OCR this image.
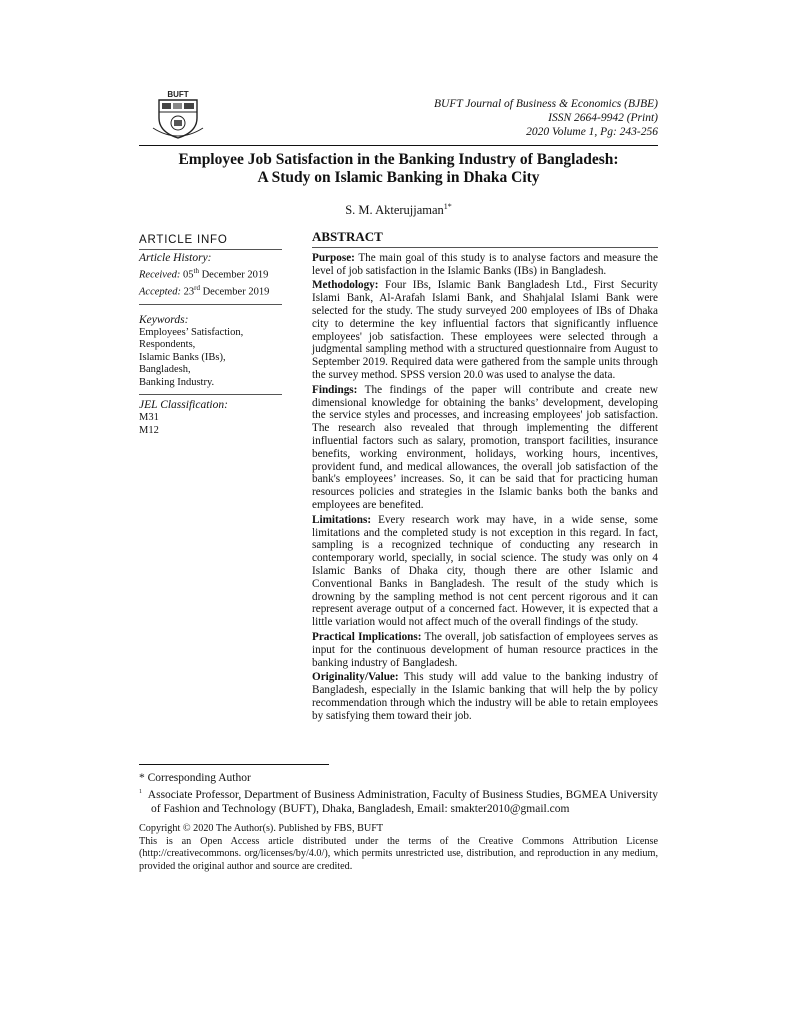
BUFT
BUFT Journal of Business & Economics (BJBE)
ISSN 2664-9942 (Print)
2020 Volume 1, Pg: 243-256
Employee Job Satisfaction in the Banking Industry of Bangladesh:
A Study on Islamic Banking in Dhaka City
S. M. Akterujjaman$^{1*}$
ARTICLE INFO
Article History:
Received: 05th December 2019
Accepted: 23rd December 2019
Keywords:
Employees’ Satisfaction,
Respondents,
Islamic Banks (IBs),
Bangladesh,
Banking Industry.
JEL Classification:
M31
M12
ABSTRACT

Purpose: The main goal of this study is to analyse factors and measure the level of job satisfaction in the Islamic Banks (IBs) in Bangladesh.

Methodology: Four IBs, Islamic Bank Bangladesh Ltd., First Security Islami Bank, Al-Arafah Islami Bank, and Shahjalal Islami Bank were selected for the study. The study surveyed 200 employees of IBs of Dhaka city to determine the key influential factors that significantly influence employees' job satisfaction. These employees were selected through a judgmental sampling method with a structured questionnaire from August to September 2019. Required data were gathered from the sample units through the survey method. SPSS version 20.0 was used to analyse the data.

Findings: The findings of the paper will contribute and create new dimensional knowledge for obtaining the banks’ development, developing the service styles and processes, and increasing employees' job satisfaction. The research also revealed that through implementing the different influential factors such as salary, promotion, transport facilities, insurance benefits, working environment, holidays, working hours, incentives, provident fund, and medical allowances, the overall job satisfaction of the bank's employees’ increases. So, it can be said that for practicing human resources policies and strategies in the Islamic banks both the banks and employees are benefited.

Limitations: Every research work may have, in a wide sense, some limitations and the completed study is not exception in this regard. In fact, sampling is a recognized technique of conducting any research in contemporary world, specially, in social science. The study was only on 4 Islamic Banks of Dhaka city, though there are other Islamic and Conventional Banks in Bangladesh. The result of the study which is drowning by the sampling method is not cent percent rigorous and it can represent average output of a concerned fact. However, it is expected that a little variation would not affect much of the overall findings of the study.

Practical Implications: The overall, job satisfaction of employees serves as input for the continuous development of human resource practices in the banking industry of Bangladesh.

Originality/Value: This study will add value to the banking industry of Bangladesh, especially in the Islamic banking that will help the by policy recommendation through which the industry will be able to retain employees by satisfying them toward their job.

* Corresponding Author
$^1$ Associate Professor, Department of Business Administration, Faculty of Business Studies, BGMEA University of Fashion and Technology (BUFT), Dhaka, Bangladesh, Email: smakter2010@gmail.com
Copyright © 2020 The Author(s). Published by FBS, BUFT
This is an Open Access article distributed under the terms of the Creative Commons Attribution License (http://creativecommons. org/licenses/by/4.0/), which permits unrestricted use, distribution, and reproduction in any medium, provided the original author and source are credited.
